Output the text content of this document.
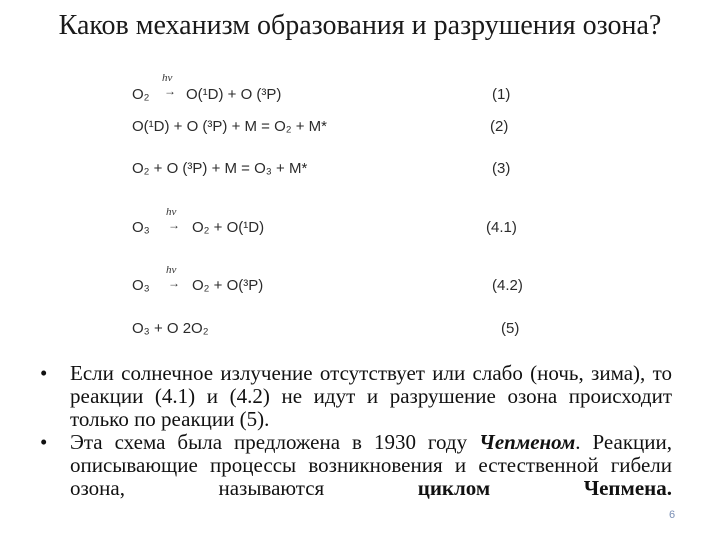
Каков механизм образования и разрушения озона?
hν
→
O₂ O(¹D) + O (³P)	(1)
O(¹D) + O (³P) + M = O₂ + M*	(2)
O₂ + O (³P) + M = O₃ + M*	(3)
hν
→
O₃	O₂ + O(¹D)	(4.1)
hν
→
O₃	O₂ + O(³P)	(4.2)
O₃ + O 2O₂	(5)
• Если солнечное излучение отсутствует или слабо (ночь, зима), то реакции (4.1) и (4.2) не идут и разрушение озона происходит только по реакции (5).
• Эта схема была предложена в 1930 году Чепменом. Реакции, описывающие процессы возникновения и естественной гибели озона, называются циклом Чепмена.
6
